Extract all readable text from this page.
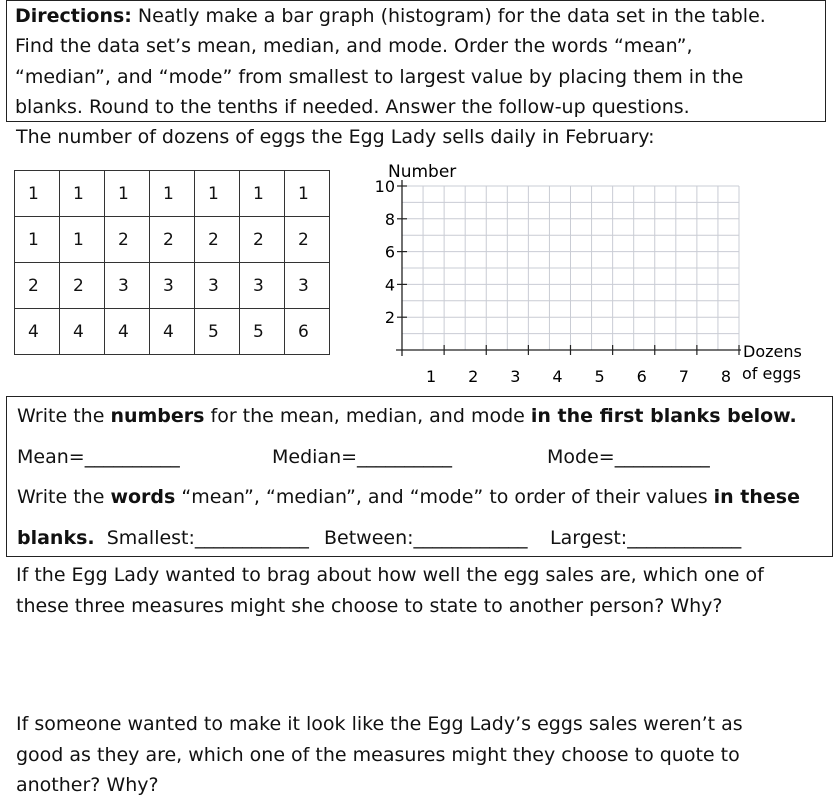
Directions: Neatly make a bar graph (histogram) for the data set in the table.
Find the data set’s mean, median, and mode. Order the words “mean”,
“median”, and “mode” from smallest to largest value by placing them in the
blanks. Round to the tenths if needed. Answer the follow-up questions.
The number of dozens of eggs the Egg Lady sells daily in February:
1	1	1	1	1	1	1

1	1	2	2	2	2	2

2	2	3	3	3	3	3

4	4	4	4	5	5	6
2
4
6
8
10
1 2 3 4 5 6 7 8
Number
Dozens
of eggs
Write the numbers for the mean, median, and mode in the first blanks below.
Mean=__________	Median=__________	Mode=__________
Write the words “mean”, “median”, and “mode” to order of their values in these
blanks.  Smallest:____________ Between:____________ Largest:____________
If the Egg Lady wanted to brag about how well the egg sales are, which one of
these three measures might she choose to state to another person? Why?
If someone wanted to make it look like the Egg Lady’s eggs sales weren’t as
good as they are, which one of the measures might they choose to quote to
another? Why?
